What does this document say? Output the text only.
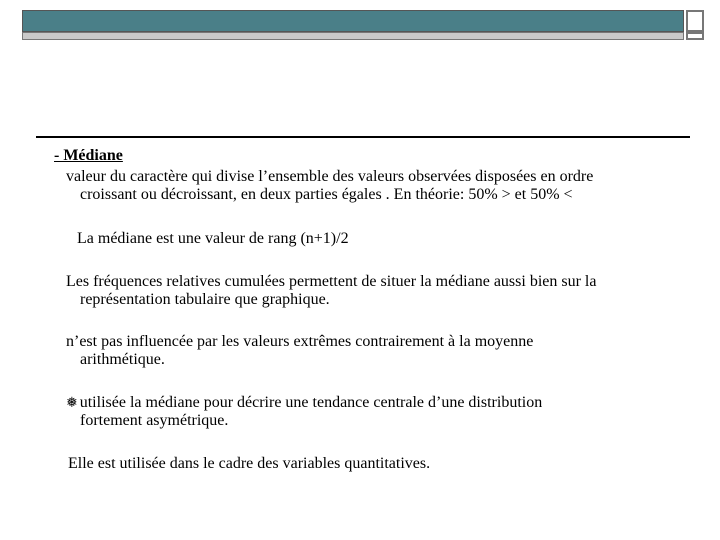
- Médiane
valeur du caractère qui divise l’ensemble des valeurs observées disposées en ordre
croissant ou décroissant, en deux parties égales . En théorie: 50% > et 50% <
La médiane est une valeur de rang (n+1)/2
Les fréquences relatives cumulées permettent de situer la médiane aussi bien sur la
représentation tabulaire que graphique.
n’est pas influencée par les valeurs extrêmes contrairement à la moyenne
arithmétique.
❅ utilisée la médiane pour décrire une tendance centrale d’une distribution
fortement asymétrique.
Elle est utilisée dans le cadre des variables quantitatives.
